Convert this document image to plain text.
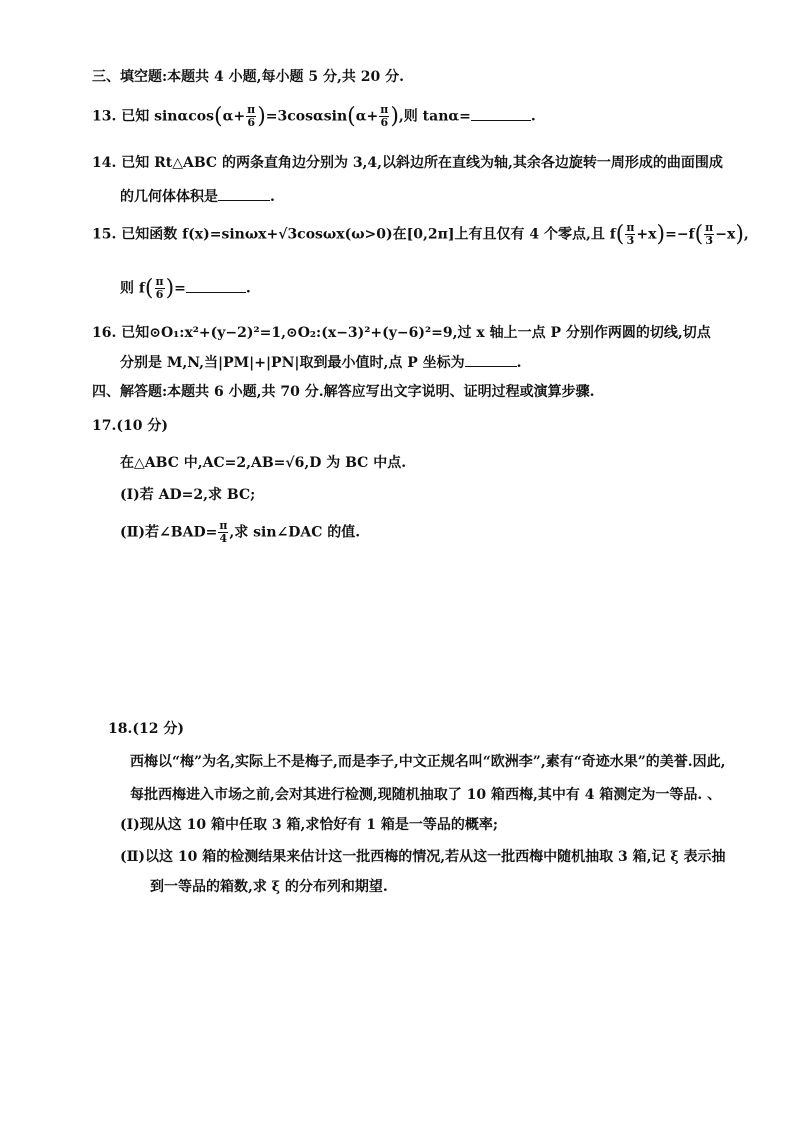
三、填空题:本题共 4 小题,每小题 5 分,共 20 分.
13. 已知 $\sin\alpha\cos(\alpha+ \frac{\pi}{6} )=3\cos\alpha\sin(\alpha+ \frac{\pi}{6}$ ),则 tanα=	.
14. 已知 Rt△ABC 的两条直角边分别为 3,4,以斜边所在直线为轴,其余各边旋转一周形成的曲面围成
的几何体体积是	.
15. 已知函数 f(x)=sinωx+√3cosωx(ω>0)在[0,2π]上有且仅有 4 个零点,且 $f( \frac{\pi}{3} +x)=-f( \frac{\pi}{3} -x)$,
则 $f( \frac{\pi}{6}$ )=	.
16. 已知⊙O₁:x²+(y−2)²=1,⊙O₂:(x−3)²+(y−6)²=9,过 x 轴上一点 P 分别作两圆的切线,切点
分别是 M,N,当|PM|+|PN|取到最小值时,点 P 坐标为	.
四、解答题:本题共 6 小题,共 70 分.解答应写出文字说明、证明过程或演算步骤.
17.(10 分)
在△ABC 中,AC=2,AB=√6,D 为 BC 中点.
(Ⅰ)若 AD=2,求 BC;
(Ⅱ)若∠BAD= $\frac{\pi}{4}$ ,求 sin∠DAC 的值.
18.(12 分)
西梅以“梅”为名,实际上不是梅子,而是李子,中文正规名叫“欧洲李”,素有“奇迹水果”的美誉.因此,
每批西梅进入市场之前,会对其进行检测,现随机抽取了 10 箱西梅,其中有 4 箱测定为一等品. 、
(Ⅰ)现从这 10 箱中任取 3 箱,求恰好有 1 箱是一等品的概率;
(Ⅱ)以这 10 箱的检测结果来估计这一批西梅的情况,若从这一批西梅中随机抽取 3 箱,记 ξ 表示抽
到一等品的箱数,求 ξ 的分布列和期望.
